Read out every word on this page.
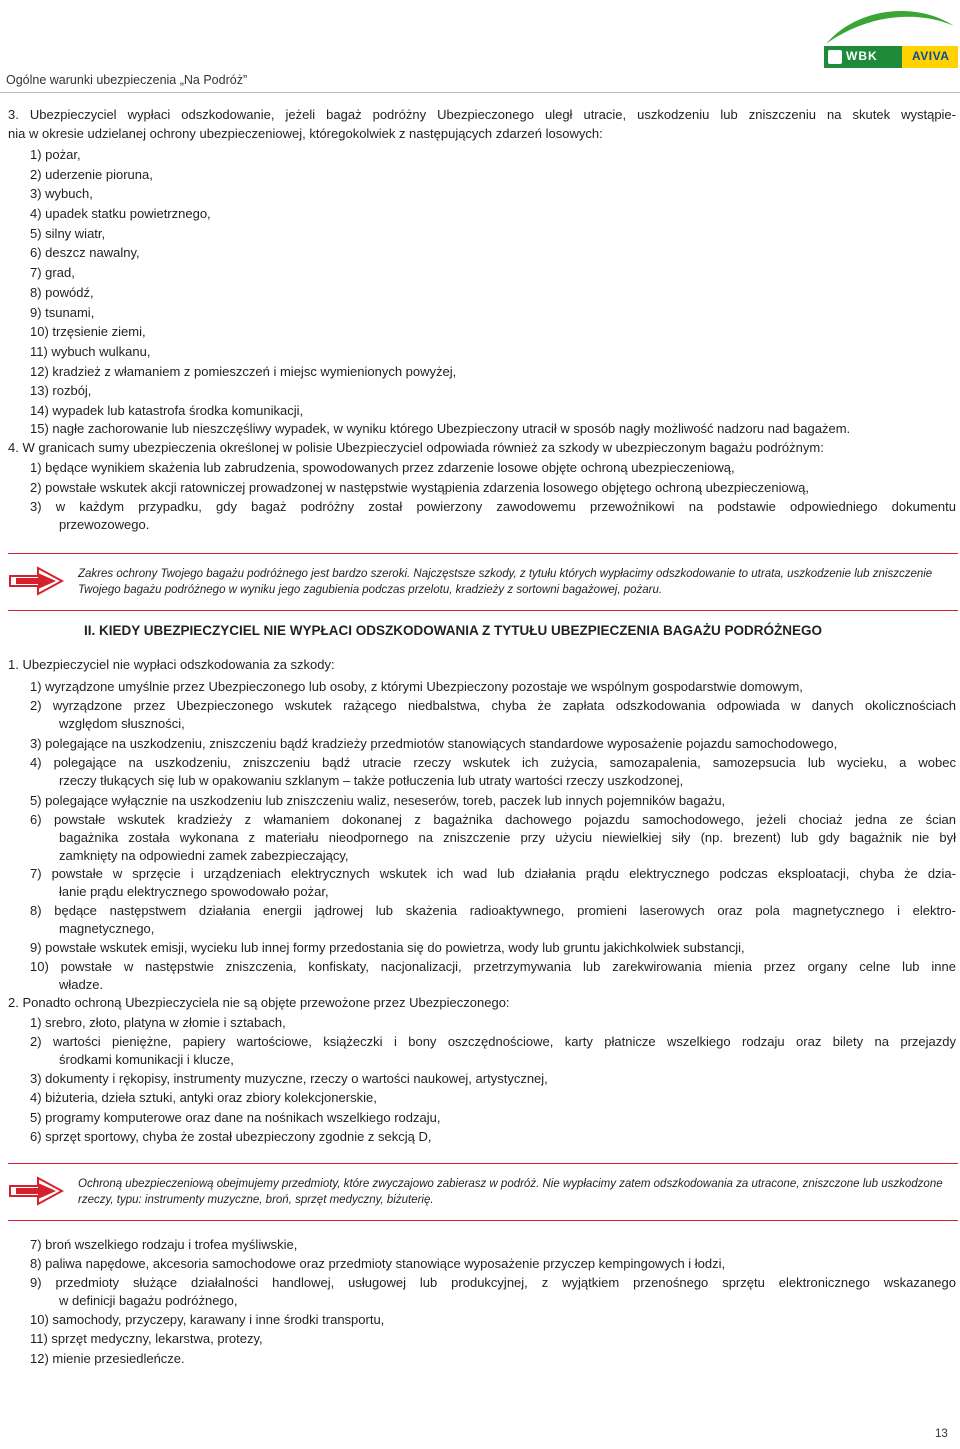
Ogólne warunki ubezpieczenia „Na Podróż”
WBK	AVIVA
3. Ubezpieczyciel wypłaci odszkodowanie, jeżeli bagaż podróżny Ubezpieczonego uległ utracie, uszkodzeniu lub zniszczeniu na skutek wystąpie-
nia w okresie udzielanej ochrony ubezpieczeniowej, któregokolwiek z następujących zdarzeń losowych:
1) pożar,
2) uderzenie pioruna,
3) wybuch,
4) upadek statku powietrznego,
5) silny wiatr,
6) deszcz nawalny,
7) grad,
8) powódź,
9) tsunami,
10) trzęsienie ziemi,
11) wybuch wulkanu,
12) kradzież z włamaniem z pomieszczeń i miejsc wymienionych powyżej,
13) rozbój,
14) wypadek lub katastrofa środka komunikacji,
15) nagłe zachorowanie lub nieszczęśliwy wypadek, w wyniku którego Ubezpieczony utracił w sposób nagły możliwość nadzoru nad bagażem.
4. W granicach sumy ubezpieczenia określonej w polisie Ubezpieczyciel odpowiada również za szkody w ubezpieczonym bagażu podróżnym:
1) będące wynikiem skażenia lub zabrudzenia, spowodowanych przez zdarzenie losowe objęte ochroną ubezpieczeniową,
2) powstałe wskutek akcji ratowniczej prowadzonej w następstwie wystąpienia zdarzenia losowego objętego ochroną ubezpieczeniową,
3) w każdym przypadku, gdy bagaż podróżny został powierzony zawodowemu przewoźnikowi na podstawie odpowiedniego dokumentu
przewozowego.
Zakres ochrony Twojego bagażu podróżnego jest bardzo szeroki. Najczęstsze szkody, z tytułu których wypłacimy odszkodowanie to utrata, uszkodzenie lub zniszczenie Twojego bagażu podróżnego w wyniku jego zagubienia podczas przelotu, kradzieży z sortowni bagażowej, pożaru.
II. KIEDY UBEZPIECZYCIEL NIE WYPŁACI ODSZKODOWANIA Z TYTUŁU UBEZPIECZENIA BAGAŻU PODRÓŻNEGO
1. Ubezpieczyciel nie wypłaci odszkodowania za szkody:
1) wyrządzone umyślnie przez Ubezpieczonego lub osoby, z którymi Ubezpieczony pozostaje we wspólnym gospodarstwie domowym,
2) wyrządzone przez Ubezpieczonego wskutek rażącego niedbalstwa, chyba że zapłata odszkodowania odpowiada w danych okolicznościach
względom słuszności,
3) polegające na uszkodzeniu, zniszczeniu bądź kradzieży przedmiotów stanowiących standardowe wyposażenie pojazdu samochodowego,
4) polegające na uszkodzeniu, zniszczeniu bądź utracie rzeczy wskutek ich zużycia, samozapalenia, samozepsucia lub wycieku, a wobec
rzeczy tłukących się lub w opakowaniu szklanym – także potłuczenia lub utraty wartości rzeczy uszkodzonej,
5) polegające wyłącznie na uszkodzeniu lub zniszczeniu waliz, neseserów, toreb, paczek lub innych pojemników bagażu,
6) powstałe wskutek kradzieży z włamaniem dokonanej z bagażnika dachowego pojazdu samochodowego, jeżeli chociaż jedna ze ścian
bagażnika została wykonana z materiału nieodpornego na zniszczenie przy użyciu niewielkiej siły (np. brezent) lub gdy bagażnik nie był
zamknięty na odpowiedni zamek zabezpieczający,
7) powstałe w sprzęcie i urządzeniach elektrycznych wskutek ich wad lub działania prądu elektrycznego podczas eksploatacji, chyba że dzia-
łanie prądu elektrycznego spowodowało pożar,
8) będące następstwem działania energii jądrowej lub skażenia radioaktywnego, promieni laserowych oraz pola magnetycznego i elektro-
magnetycznego,
9) powstałe wskutek emisji, wycieku lub innej formy przedostania się do powietrza, wody lub gruntu jakichkolwiek substancji,
10) powstałe w następstwie zniszczenia, konfiskaty, nacjonalizacji, przetrzymywania lub zarekwirowania mienia przez organy celne lub inne
władze.
2. Ponadto ochroną Ubezpieczyciela nie są objęte przewożone przez Ubezpieczonego:
1) srebro, złoto, platyna w złomie i sztabach,
2) wartości pieniężne, papiery wartościowe, książeczki i bony oszczędnościowe, karty płatnicze wszelkiego rodzaju oraz bilety na przejazdy
środkami komunikacji i klucze,
3) dokumenty i rękopisy, instrumenty muzyczne, rzeczy o wartości naukowej, artystycznej,
4) biżuteria, dzieła sztuki, antyki oraz zbiory kolekcjonerskie,
5) programy komputerowe oraz dane na nośnikach wszelkiego rodzaju,
6) sprzęt sportowy, chyba że został ubezpieczony zgodnie z sekcją D,
Ochroną ubezpieczeniową obejmujemy przedmioty, które zwyczajowo zabierasz w podróż. Nie wypłacimy zatem odszkodowania za utracone, zniszczone lub uszkodzone rzeczy, typu: instrumenty muzyczne, broń, sprzęt medyczny, biżuterię.
7) broń wszelkiego rodzaju i trofea myśliwskie,
8) paliwa napędowe, akcesoria samochodowe oraz przedmioty stanowiące wyposażenie przyczep kempingowych i łodzi,
9) przedmioty służące działalności handlowej, usługowej lub produkcyjnej, z wyjątkiem przenośnego sprzętu elektronicznego wskazanego
w definicji bagażu podróżnego,
10) samochody, przyczepy, karawany i inne środki transportu,
11) sprzęt medyczny, lekarstwa, protezy,
12) mienie przesiedleńcze.
13
